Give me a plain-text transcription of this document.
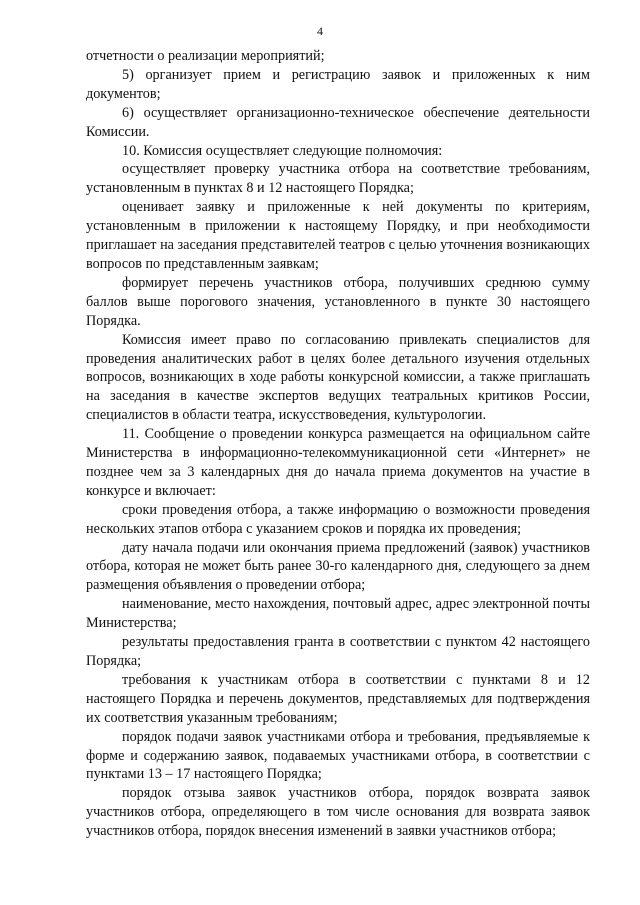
4

отчетности о реализации мероприятий;

5) организует прием и регистрацию заявок и приложенных к ним документов;

6) осуществляет организационно-техническое обеспечение деятельности Комиссии.

10. Комиссия осуществляет следующие полномочия:

осуществляет проверку участника отбора на соответствие требованиям, установленным в пунктах 8 и 12 настоящего Порядка;

оценивает заявку и приложенные к ней документы по критериям, установленным в приложении к настоящему Порядку, и при необходимости приглашает на заседания представителей театров с целью уточнения возникающих вопросов по представленным заявкам;

формирует перечень участников отбора, получивших среднюю сумму баллов выше порогового значения, установленного в пункте 30 настоящего Порядка.

Комиссия имеет право по согласованию привлекать специалистов для проведения аналитических работ в целях более детального изучения отдельных вопросов, возникающих в ходе работы конкурсной комиссии, а также приглашать на заседания в качестве экспертов ведущих театральных критиков России, специалистов в области театра, искусствоведения, культурологии.

11. Сообщение о проведении конкурса размещается на официальном сайте Министерства в информационно-телекоммуникационной сети «Интернет» не позднее чем за 3 календарных дня до начала приема документов на участие в конкурсе и включает:

сроки проведения отбора, а также информацию о возможности проведения нескольких этапов отбора с указанием сроков и порядка их проведения;

дату начала подачи или окончания приема предложений (заявок) участников отбора, которая не может быть ранее 30-го календарного дня, следующего за днем размещения объявления о проведении отбора;

наименование, место нахождения, почтовый адрес, адрес электронной почты Министерства;

результаты предоставления гранта в соответствии с пунктом 42 настоящего Порядка;

требования к участникам отбора в соответствии с пунктами 8 и 12 настоящего Порядка и перечень документов, представляемых для подтверждения их соответствия указанным требованиям;

порядок подачи заявок участниками отбора и требования, предъявляемые к форме и содержанию заявок, подаваемых участниками отбора, в соответствии с пунктами 13 – 17 настоящего Порядка;

порядок отзыва заявок участников отбора, порядок возврата заявок участников отбора, определяющего в том числе основания для возврата заявок участников отбора, порядок внесения изменений в заявки участников отбора;
